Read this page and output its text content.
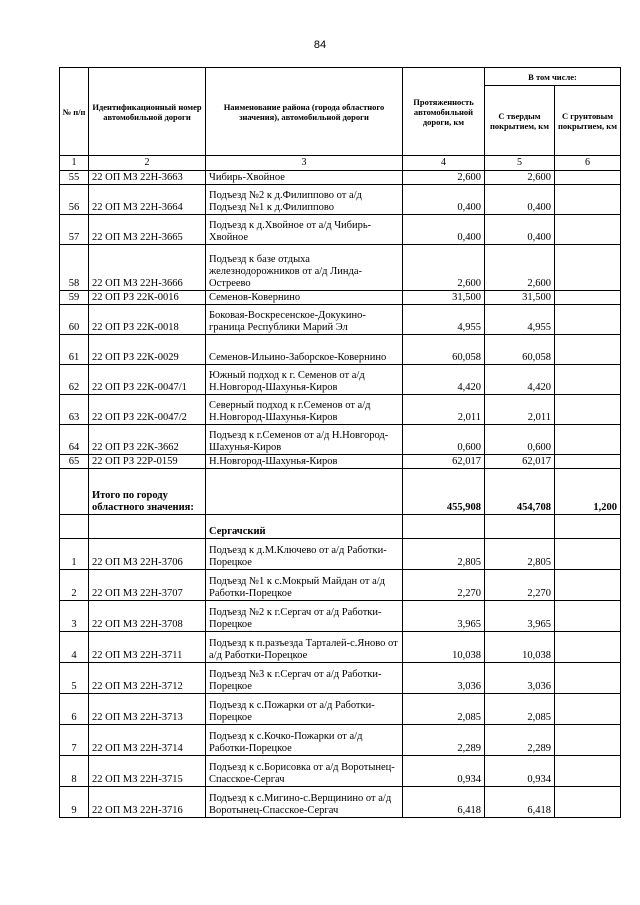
84
№ п/п	Идентификационный номер автомобильной дороги	Наименование района (города областного значения), автомобильной дороги	Протяженность автомобильной дороги, км	В том числе:	
				С твердым покрытием, км	С грунтовым покрытием, км
1	2	3	4	5	6
55	22 ОП МЗ 22Н-3663	Чибирь-Хвойное	2,600	2,600	
56	22 ОП МЗ 22Н-3664	Подъезд №2 к д.Филиппово от а/д Подъезд №1 к д.Филиппово	0,400	0,400	
57	22 ОП МЗ 22Н-3665	Подъезд к д.Хвойное от а/д Чибирь-Хвойное	0,400	0,400	
58	22 ОП МЗ 22Н-3666	Подъезд к базе отдыха железнодорожников от а/д Линда-Остреево	2,600	2,600	
59	22 ОП РЗ 22К-0016	Семенов-Ковернино	31,500	31,500	
60	22 ОП РЗ 22К-0018	Боковая-Воскресенское-Докукино-граница Республики Марий Эл	4,955	4,955	
61	22 ОП РЗ 22К-0029	Семенов-Ильино-Заборское-Ковернино	60,058	60,058	
62	22 ОП РЗ 22К-0047/1	Южный подход к г. Семенов от а/д Н.Новгород-Шахунья-Киров	4,420	4,420	
63	22 ОП РЗ 22К-0047/2	Северный подход к г.Семенов от а/д Н.Новгород-Шахунья-Киров	2,011	2,011	
64	22 ОП РЗ 22К-3662	Подъезд к г.Семенов от а/д Н.Новгород-Шахунья-Киров	0,600	0,600	
65	22 ОП РЗ 22Р-0159	Н.Новгород-Шахунья-Киров	62,017	62,017	
	Итого по городу областного значения:		455,908	454,708	1,200
		Сергачский			
1	22 ОП МЗ 22Н-3706	Подъезд к д.М.Ключево от а/д Работки-Порецкое	2,805	2,805	
2	22 ОП МЗ 22Н-3707	Подъезд №1 к с.Мокрый Майдан от а/д Работки-Порецкое	2,270	2,270	
3	22 ОП МЗ 22Н-3708	Подъезд №2 к г.Сергач от а/д Работки-Порецкое	3,965	3,965	
4	22 ОП МЗ 22Н-3711	Подъезд к п.разъезда Тарталей-с.Яново от а/д Работки-Порецкое	10,038	10,038	
5	22 ОП МЗ 22Н-3712	Подъезд №3 к г.Сергач от а/д Работки-Порецкое	3,036	3,036	
6	22 ОП МЗ 22Н-3713	Подъезд к с.Пожарки от а/д Работки-Порецкое	2,085	2,085	
7	22 ОП МЗ 22Н-3714	Подъезд к с.Кочко-Пожарки от а/д Работки-Порецкое	2,289	2,289	
8	22 ОП МЗ 22Н-3715	Подъезд к с.Борисовка от а/д Воротынец-Спасское-Сергач	0,934	0,934	
9	22 ОП МЗ 22Н-3716	Подъезд к с.Мигино-с.Верщинино от а/д Воротынец-Спасское-Сергач	6,418	6,418	
